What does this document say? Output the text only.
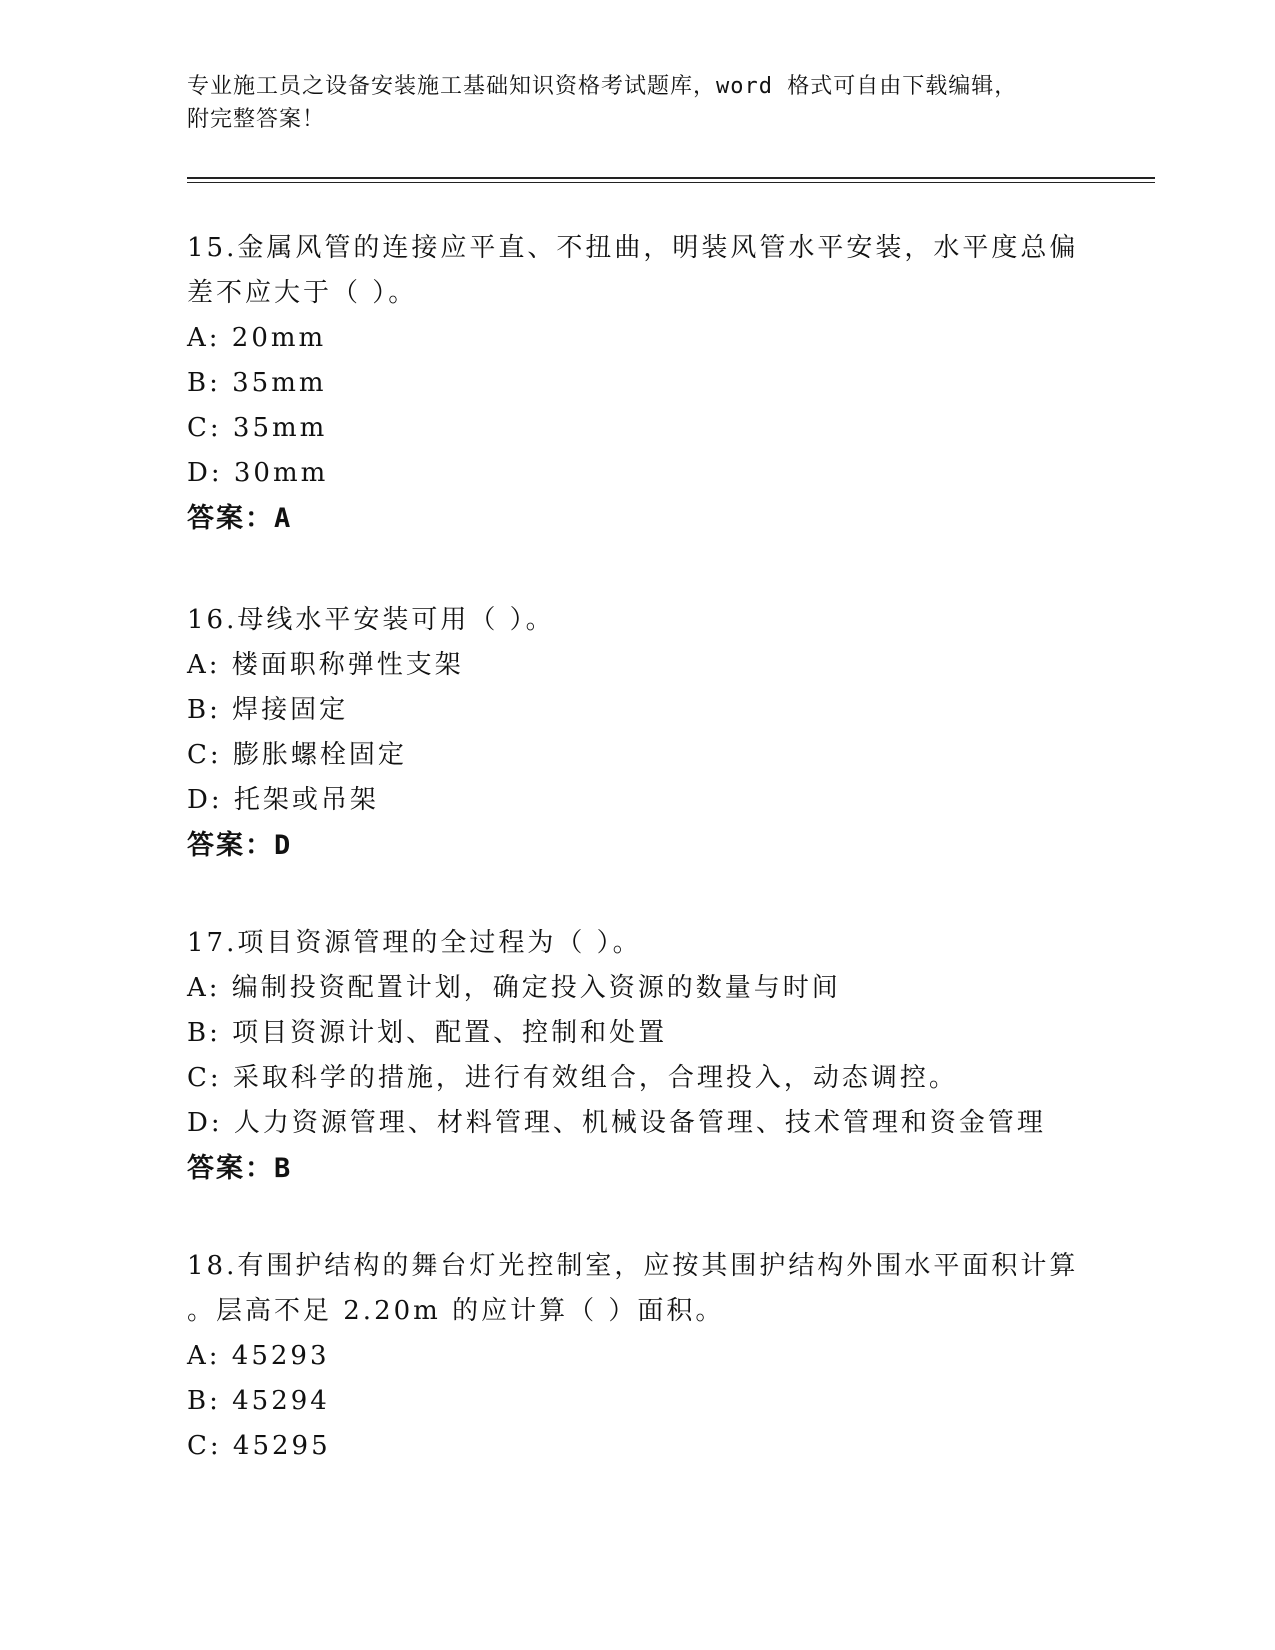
专业施工员之设备安装施工基础知识资格考试题库，word 格式可自由下载编辑，
附完整答案！

15.金属风管的连接应平直、不扭曲，明装风管水平安装，水平度总偏

差不应大于（ ）。

A: 20mm

B: 35mm

C: 35mm

D: 30mm

答案：A

16.母线水平安装可用（ ）。

A: 楼面职称弹性支架

B: 焊接固定

C: 膨胀螺栓固定

D: 托架或吊架

答案：D

17.项目资源管理的全过程为（ ）。

A: 编制投资配置计划，确定投入资源的数量与时间

B: 项目资源计划、配置、控制和处置

C: 采取科学的措施，进行有效组合，合理投入，动态调控。

D: 人力资源管理、材料管理、机械设备管理、技术管理和资金管理

答案：B

18.有围护结构的舞台灯光控制室，应按其围护结构外围水平面积计算

。层高不足 2.20m 的应计算（ ）面积。

A: 45293

B: 45294

C: 45295
